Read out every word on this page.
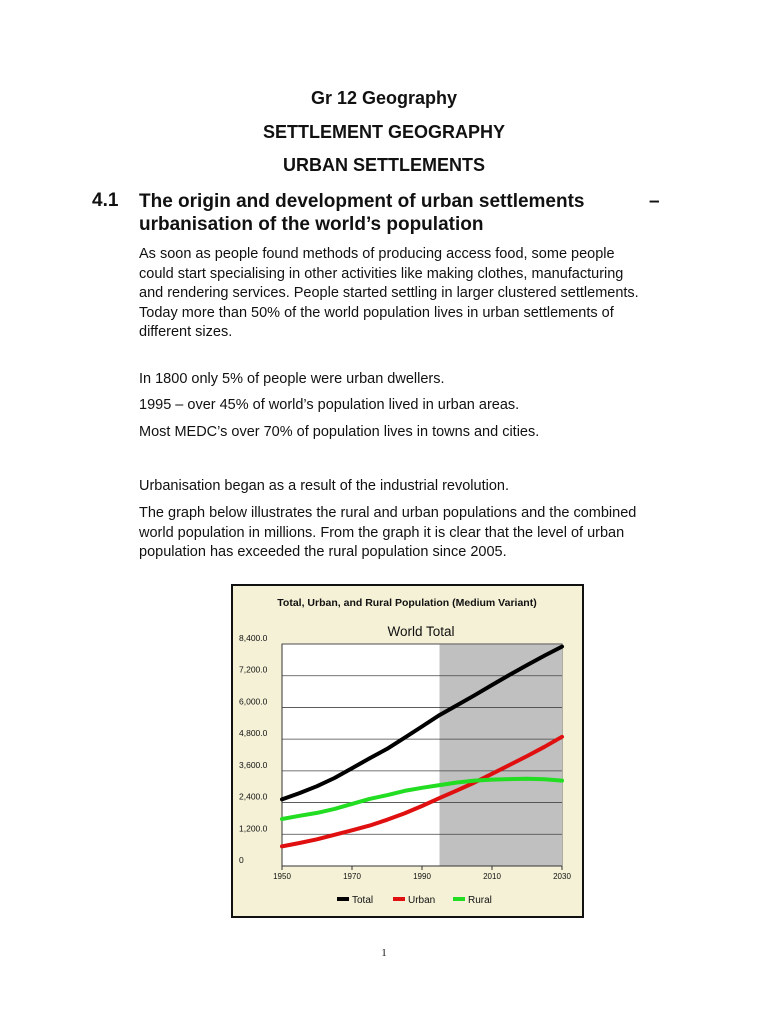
Gr 12 Geography
SETTLEMENT GEOGRAPHY
URBAN SETTLEMENTS
4.1 The origin and development of urban settlements	–

urbanisation of the world’s population
As soon as people found methods of producing access food, some people
could start specialising in other activities like making clothes, manufacturing
and rendering services. People started settling in larger clustered settlements.
Today more than 50% of the world population lives in urban settlements of
different sizes.

In 1800 only 5% of people were urban dwellers.

1995 – over 45% of world’s population lived in urban areas.

Most MEDC’s over 70% of population lives in towns and cities.

Urbanisation began as a result of the industrial revolution.

The graph below illustrates the rural and urban populations and the combined
world population in millions. From the graph it is clear that the level of urban
population has exceeded the rural population since 2005.
Total, Urban, and Rural Population (Medium Variant)
0
1,200.0
2,400.0
3,600.0
4,800.0
6,000.0
7,200.0
8,400.0
1950	1970	1990	2010	2030
World Total
Total	Urban	Rural
1
